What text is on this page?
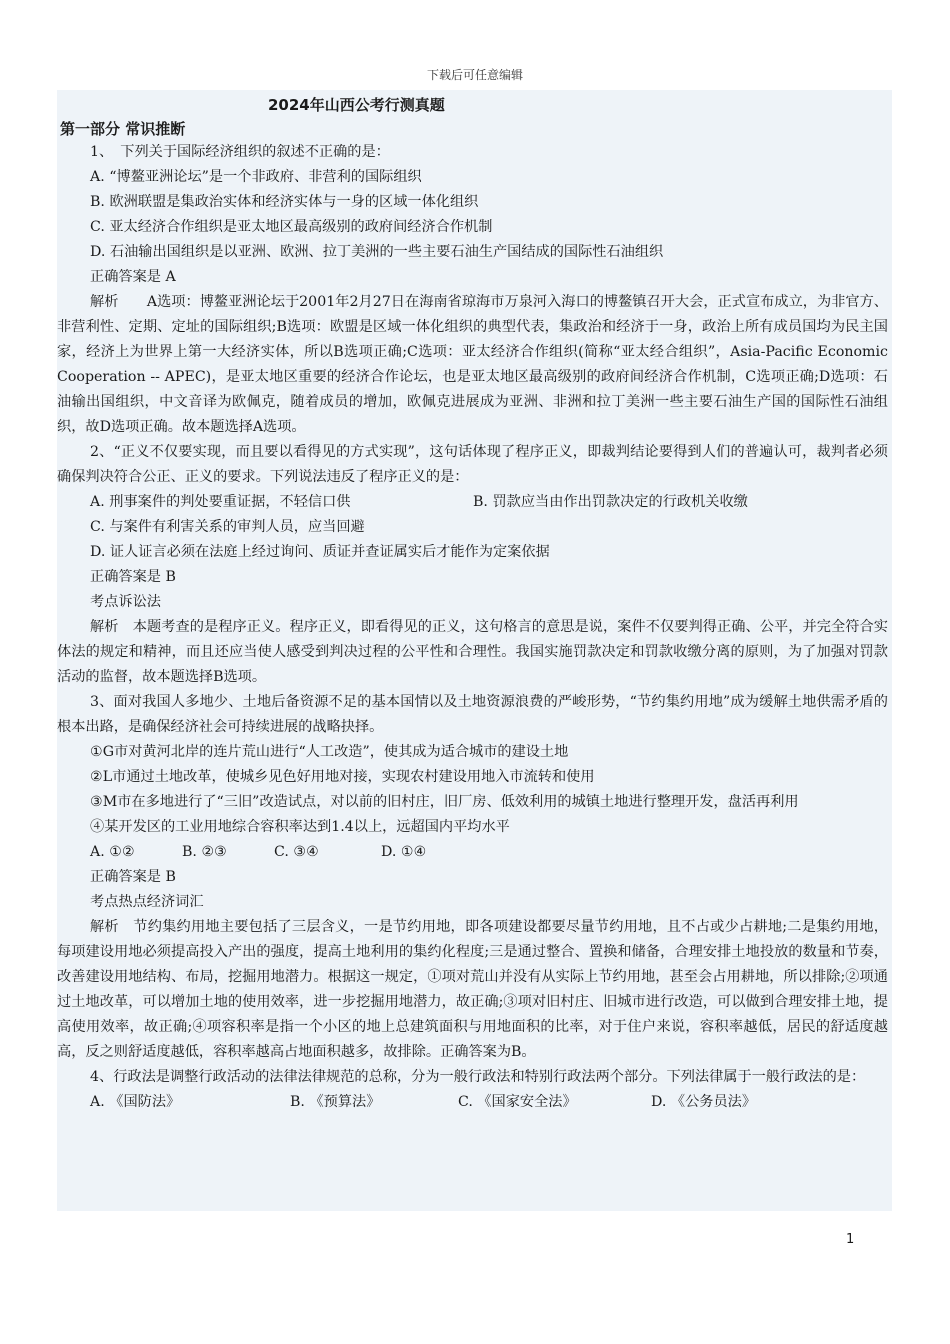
下载后可任意编辑
2024年山西公考行测真题
第一部分 常识推断
1、　下列关于国际经济组织的叙述不正确的是：
A. “博鳌亚洲论坛”是一个非政府、非营利的国际组织
B. 欧洲联盟是集政治实体和经济实体与一身的区域一体化组织
C. 亚太经济合作组织是亚太地区最高级别的政府间经济合作机制
D. 石油输出国组织是以亚洲、欧洲、拉丁美洲的一些主要石油生产国结成的国际性石油组织
正确答案是 A

解析　　A选项：博鳌亚洲论坛于2001年2月27日在海南省琼海市万泉河入海口的博鳌镇召开大会，正式宣布成立，为非官方、非营利性、定期、定址的国际组织;B选项：欧盟是区域一体化组织的典型代表，集政治和经济于一身，政治上所有成员国均为民主国家，经济上为世界上第一大经济实体，所以B选项正确;C选项：亚太经济合作组织(简称“亚太经合组织”，Asia-Pacific Economic Cooperation -- APEC)，是亚太地区重要的经济合作论坛，也是亚太地区最高级别的政府间经济合作机制，C选项正确;D选项：石油输出国组织，中文音译为欧佩克，随着成员的增加，欧佩克进展成为亚洲、非洲和拉丁美洲一些主要石油生产国的国际性石油组织，故D选项正确。故本题选择A选项。

2、“正义不仅要实现，而且要以看得见的方式实现”，这句话体现了程序正义，即裁判结论要得到人们的普遍认可，裁判者必须确保判决符合公正、正义的要求。下列说法违反了程序正义的是：

A. 刑事案件的判处要重证据，不轻信口供	B. 罚款应当由作出罚款决定的行政机关收缴
C. 与案件有利害关系的审判人员，应当回避
D. 证人证言必须在法庭上经过询问、质证并查证属实后才能作为定案依据
正确答案是 B
考点诉讼法

解析　本题考查的是程序正义。程序正义，即看得见的正义，这句格言的意思是说，案件不仅要判得正确、公平，并完全符合实体法的规定和精神，而且还应当使人感受到判决过程的公平性和合理性。我国实施罚款决定和罚款收缴分离的原则，为了加强对罚款活动的监督，故本题选择B选项。

3、面对我国人多地少、土地后备资源不足的基本国情以及土地资源浪费的严峻形势，“节约集约用地”成为缓解土地供需矛盾的根本出路，是确保经济社会可持续进展的战略抉择。

①G市对黄河北岸的连片荒山进行“人工改造”，使其成为适合城市的建设土地
②L市通过土地改革，使城乡见色好用地对接，实现农村建设用地入市流转和使用

③M市在多地进行了“三旧”改造试点，对以前的旧村庄，旧厂房、低效利用的城镇土地进行整理开发，盘活再利用

④某开发区的工业用地综合容积率达到1.4以上，远超国内平均水平
A. ①②	B. ②③	C. ③④	D. ①④
正确答案是 B
考点热点经济词汇

解析　节约集约用地主要包括了三层含义，一是节约用地，即各项建设都要尽量节约用地，且不占或少占耕地;二是集约用地，每项建设用地必须提高投入产出的强度，提高土地利用的集约化程度;三是通过整合、置换和储备，合理安排土地投放的数量和节奏，改善建设用地结构、布局，挖掘用地潜力。根据这一规定，①项对荒山并没有从实际上节约用地，甚至会占用耕地，所以排除;②项通过土地改革，可以增加土地的使用效率，进一步挖掘用地潜力，故正确;③项对旧村庄、旧城市进行改造，可以做到合理安排土地，提高使用效率，故正确;④项容积率是指一个小区的地上总建筑面积与用地面积的比率，对于住户来说，容积率越低，居民的舒适度越高，反之则舒适度越低，容积率越高占地面积越多，故排除。正确答案为B。

4、行政法是调整行政活动的法律法律规范的总称，分为一般行政法和特别行政法两个部分。下列法律属于一般行政法的是：

A. 《国防法》	B. 《预算法》	C. 《国家安全法》	D. 《公务员法》
1
